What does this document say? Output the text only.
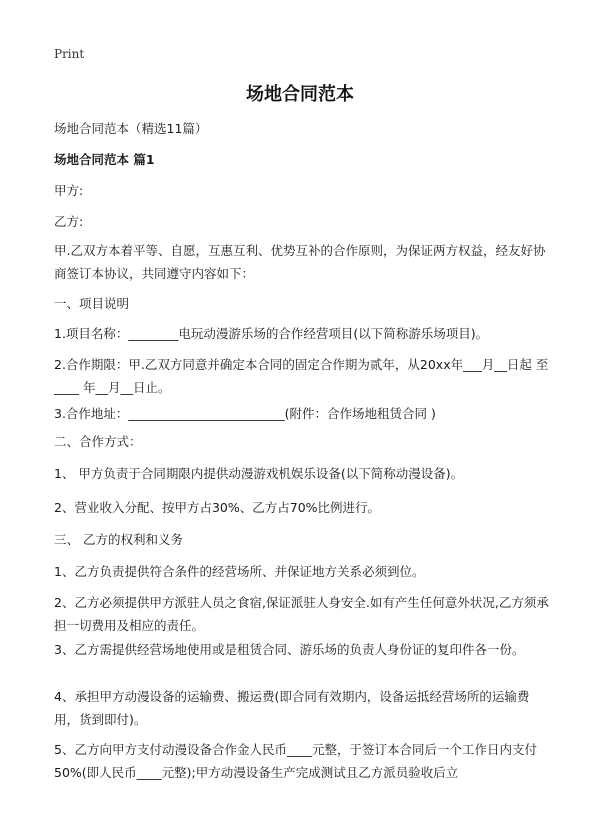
Print
场地合同范本
场地合同范本（精选11篇）
场地合同范本 篇1
甲方:
乙方:
甲.乙双方本着平等、自愿，互惠互利、优势互补的合作原则，为保证两方权益，经友好协商签订本协议，共同遵守内容如下：
一、项目说明
1.项目名称：________电玩动漫游乐场的合作经营项目(以下简称游乐场项目)。
2.合作期限：甲.乙双方同意并确定本合同的固定合作期为贰年，从20xx年___月__日起 至____ 年__月__日止。
3.合作地址：_________________________(附件：合作场地租赁合同 )
二、合作方式：
1、 甲方负责于合同期限内提供动漫游戏机娱乐设备(以下简称动漫设备)。
2、营业收入分配、按甲方占30%、乙方占70%比例进行。
三、 乙方的权利和义务
1、乙方负责提供符合条件的经营场所、并保证地方关系必须到位。
2、乙方必须提供甲方派驻人员之食宿,保证派驻人身安全.如有产生任何意外状况,乙方须承担一切费用及相应的责任。
3、乙方需提供经营场地使用或是租赁合同、游乐场的负责人身份证的复印件各一份。
4、承担甲方动漫设备的运输费、搬运费(即合同有效期内，设备运抵经营场所的运输费用，货到即付)。
5、乙方向甲方支付动漫设备合作金人民币____元整，于签订本合同后一个工作日内支付 50%(即人民币____元整);甲方动漫设备生产完成测试且乙方派员验收后立
